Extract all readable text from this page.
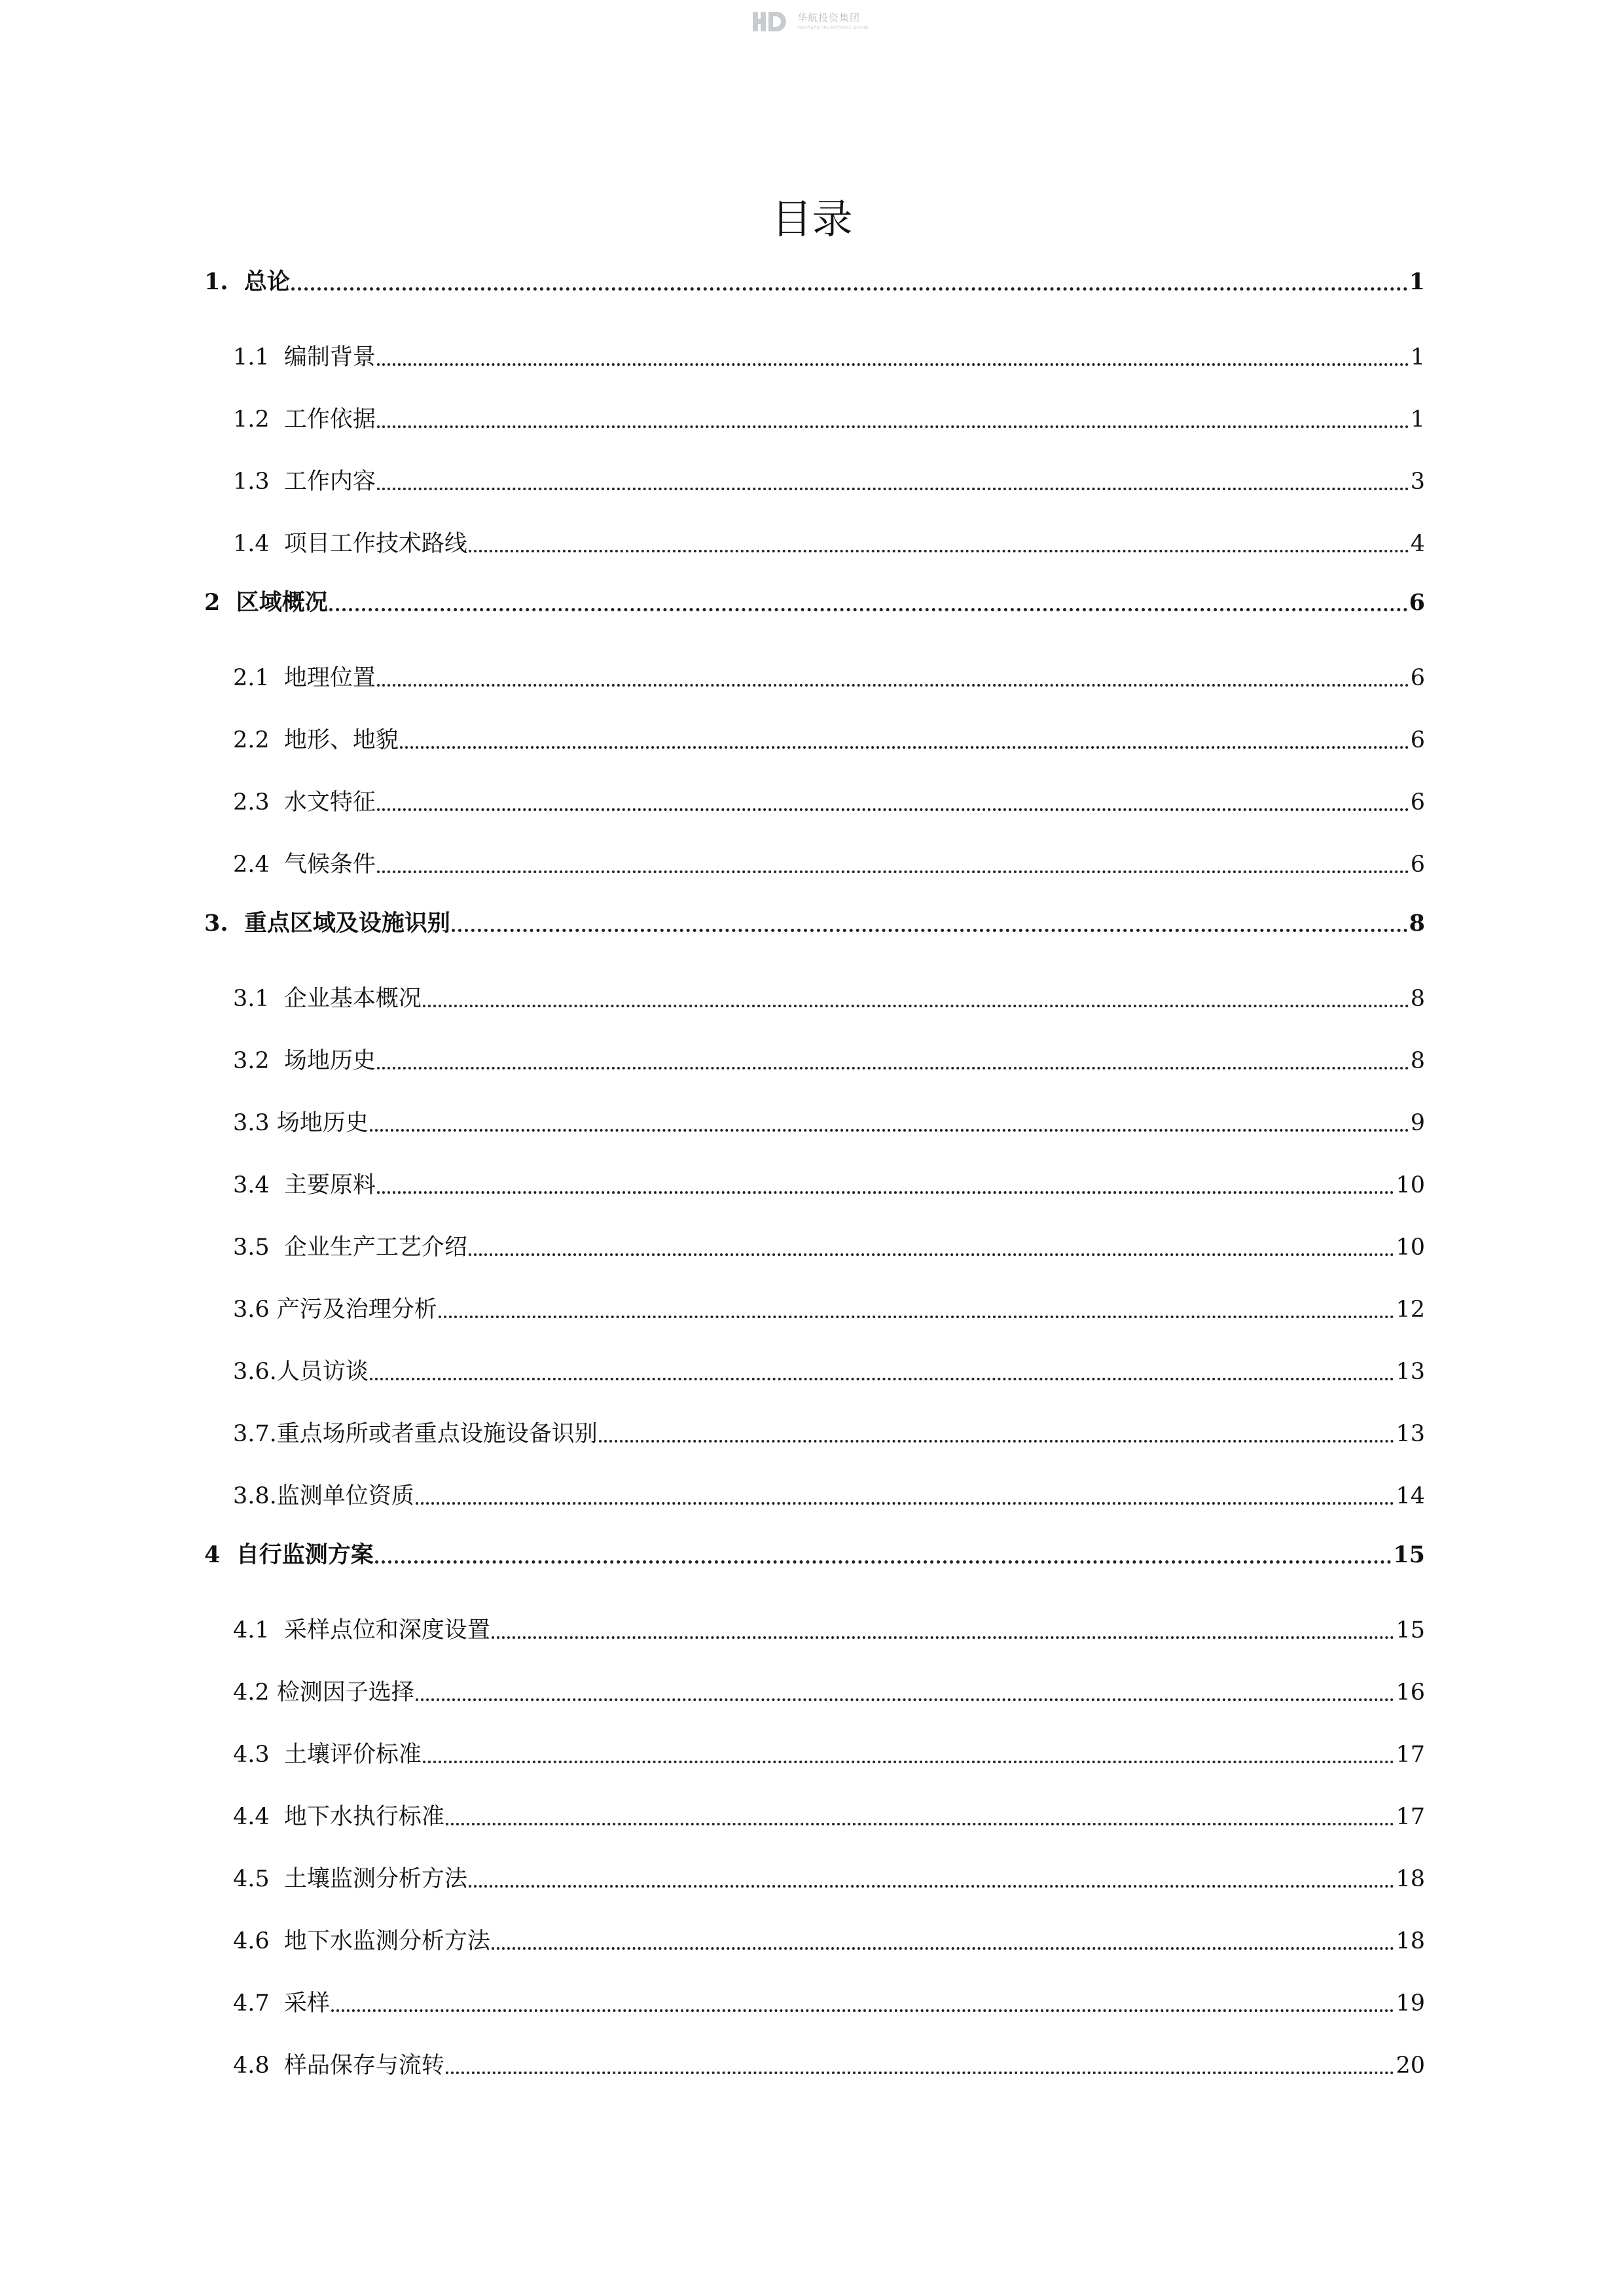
华航投资集团
Huahang Investment Group
目录
1. 总论	1
1.1 编制背景	1
1.2 工作依据	1
1.3 工作内容	3
1.4 项目工作技术路线	4
2 区域概况	6
2.1 地理位置	6
2.2 地形、地貌	6
2.3 水文特征	6
2.4 气候条件	6
3. 重点区域及设施识别	8
3.1 企业基本概况	8
3.2 场地历史	8
3.3 场地历史	9
3.4 主要原料	10
3.5 企业生产工艺介绍	10
3.6 产污及治理分析	12
3.6. 人员访谈	13
3.7. 重点场所或者重点设施设备识别	13
3.8. 监测单位资质	14
4 自行监测方案	15
4.1 采样点位和深度设置	15
4.2 检测因子选择	16
4.3 土壤评价标准	17
4.4 地下水执行标准	17
4.5 土壤监测分析方法	18
4.6 地下水监测分析方法	18
4.7 采样	19
4.8 样品保存与流转	20
